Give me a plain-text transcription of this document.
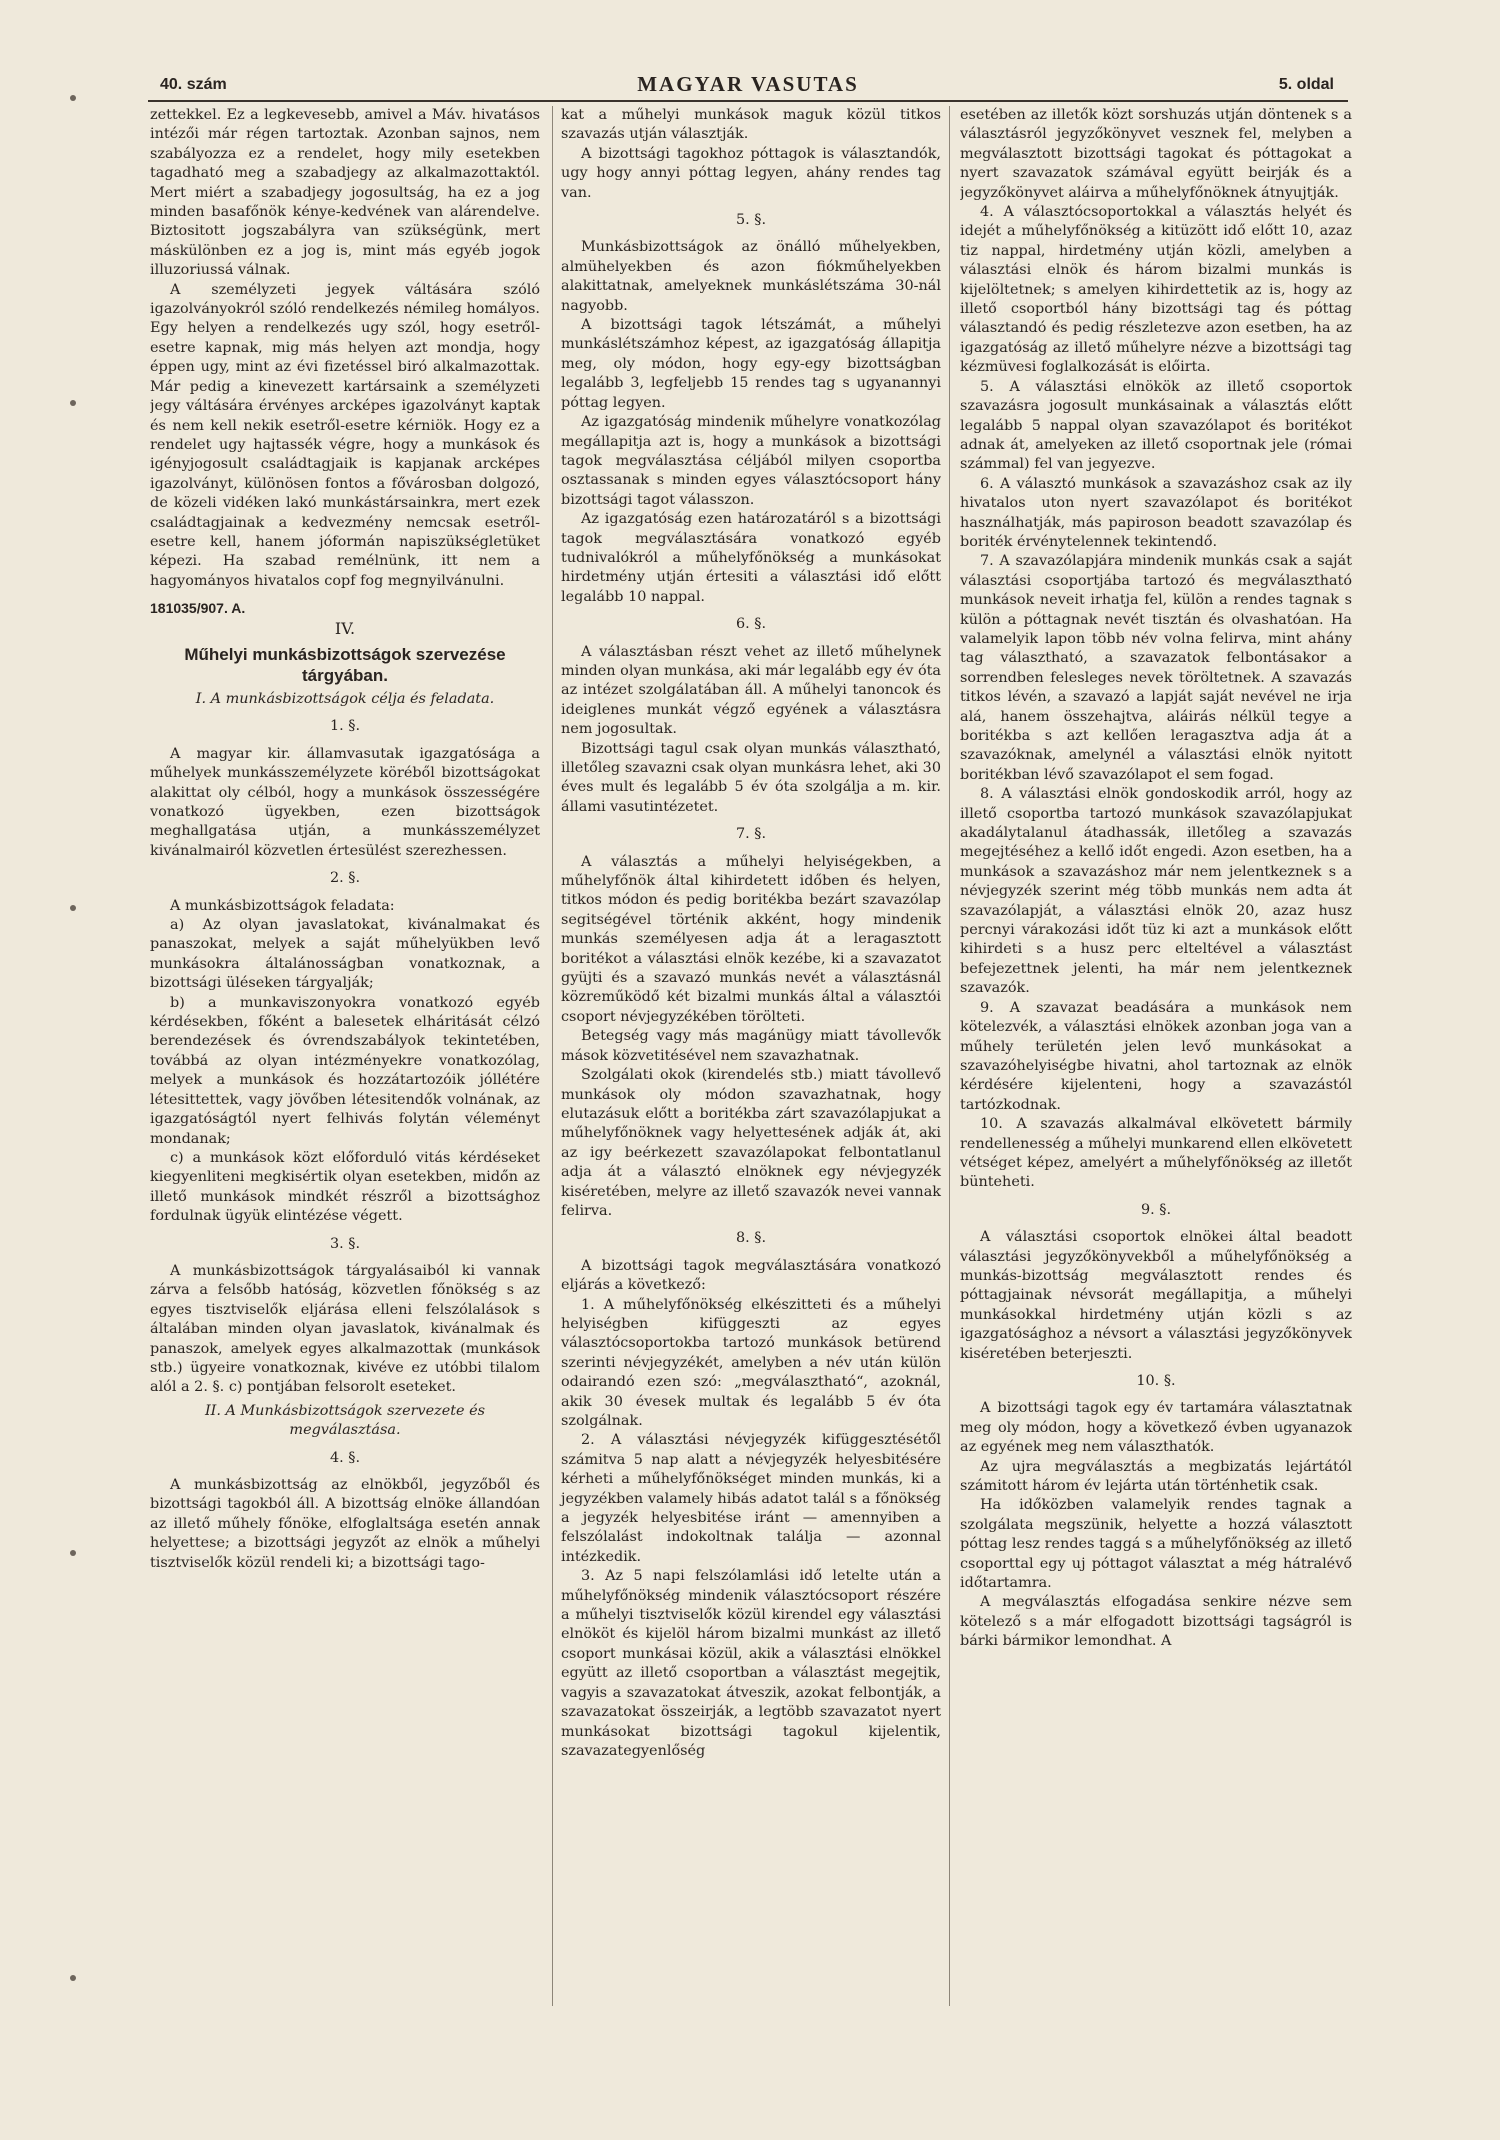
40. szám	MAGYAR VASUTAS	5. oldal

zettekkel. Ez a legkevesebb, amivel a Máv. hivatásos intézői már régen tartoztak. Azonban sajnos, nem szabályozza ez a rendelet, hogy mily esetekben tagadható meg a szabadjegy az alkalmazottaktól. Mert miért a szabadjegy jogosultság, ha ez a jog minden basafőnök kénye-kedvének van alárendelve. Biztositott jogszabályra van szükségünk, mert máskülönben ez a jog is, mint más egyéb jogok illuzoriussá válnak.

A személyzeti jegyek váltására szóló igazolványokról szóló rendelkezés némileg homályos. Egy helyen a rendelkezés ugy szól, hogy esetről-esetre kapnak, mig más helyen azt mondja, hogy éppen ugy, mint az évi fizetéssel biró alkalmazottak. Már pedig a kinevezett kartársaink a személyzeti jegy váltására érvényes arcképes igazolványt kaptak és nem kell nekik esetről-esetre kérniök. Hogy ez a rendelet ugy hajtassék végre, hogy a munkások és igényjogosult családtagjaik is kapjanak arcképes igazolványt, különösen fontos a fővárosban dolgozó, de közeli vidéken lakó munkástársainkra, mert ezek családtagjainak a kedvezmény nemcsak esetről-esetre kell, hanem jóformán napiszükségletüket képezi. Ha szabad remélnünk, itt nem a hagyományos hivatalos copf fog megnyilvánulni.

181035/907. A.

IV.

Műhelyi munkásbizottságok szervezése tárgyában.

I. A munkásbizottságok célja és feladata.

1. §.

A magyar kir. államvasutak igazgatósága a műhelyek munkásszemélyzete köréből bizottságokat alakittat oly célból, hogy a munkások összességére vonatkozó ügyekben, ezen bizottságok meghallgatása utján, a munkásszemélyzet kivánalmairól közvetlen értesülést szerezhessen.

2. §.

A munkásbizottságok feladata:

a) Az olyan javaslatokat, kivánalmakat és panaszokat, melyek a saját műhelyükben levő munkásokra általánosságban vonatkoznak, a bizottsági üléseken tárgyalják;

b) a munkaviszonyokra vonatkozó egyéb kérdésekben, főként a balesetek elháritását célzó berendezések és óvrendszabályok tekintetében, továbbá az olyan intézményekre vonatkozólag, melyek a munkások és hozzátartozóik jóllétére létesittettek, vagy jövőben létesitendők volnának, az igazgatóságtól nyert felhivás folytán véleményt mondanak;

c) a munkások közt előforduló vitás kérdéseket kiegyenliteni megkisértik olyan esetekben, midőn az illető munkások mindkét részről a bizottsághoz fordulnak ügyük elintézése végett.

3. §.

A munkásbizottságok tárgyalásaiból ki vannak zárva a felsőbb hatóság, közvetlen főnökség s az egyes tisztviselők eljárása elleni felszólalások s általában minden olyan javaslatok, kivánalmak és panaszok, amelyek egyes alkalmazottak (munkások stb.) ügyeire vonatkoznak, kivéve ez utóbbi tilalom alól a 2. §. c) pontjában felsorolt eseteket.

II. A Munkásbizottságok szervezete és megválasztása.

4. §.

A munkásbizottság az elnökből, jegyzőből és bizottsági tagokból áll. A bizottság elnöke állandóan az illető műhely főnöke, elfoglaltsága esetén annak helyettese; a bizottsági jegyzőt az elnök a műhelyi tisztviselők közül rendeli ki; a bizottsági tago-

kat a műhelyi munkások maguk közül titkos szavazás utján választják.

A bizottsági tagokhoz póttagok is választandók, ugy hogy annyi póttag legyen, ahány rendes tag van.

5. §.

Munkásbizottságok az önálló műhelyekben, almühelyekben és azon fiókműhelyekben alakittatnak, amelyeknek munkáslétszáma 30-nál nagyobb.

A bizottsági tagok létszámát, a műhelyi munkáslétszámhoz képest, az igazgatóság állapitja meg, oly módon, hogy egy-egy bizottságban legalább 3, legfeljebb 15 rendes tag s ugyanannyi póttag legyen.

Az igazgatóság mindenik műhelyre vonatkozólag megállapitja azt is, hogy a munkások a bizottsági tagok megválasztása céljából milyen csoportba osztassanak s minden egyes választócsoport hány bizottsági tagot válasszon.

Az igazgatóság ezen határozatáról s a bizottsági tagok megválasztására vonatkozó egyéb tudnivalókról a műhelyfőnökség a munkásokat hirdetmény utján értesiti a választási idő előtt legalább 10 nappal.

6. §.

A választásban részt vehet az illető műhelynek minden olyan munkása, aki már legalább egy év óta az intézet szolgálatában áll. A műhelyi tanoncok és ideiglenes munkát végző egyének a választásra nem jogosultak.

Bizottsági tagul csak olyan munkás választható, illetőleg szavazni csak olyan munkásra lehet, aki 30 éves mult és legalább 5 év óta szolgálja a m. kir. állami vasutintézetet.

7. §.

A választás a műhelyi helyiségekben, a műhelyfőnök által kihirdetett időben és helyen, titkos módon és pedig boritékba bezárt szavazólap segitségével történik akként, hogy mindenik munkás személyesen adja át a leragasztott boritékot a választási elnök kezébe, ki a szavazatot gyüjti és a szavazó munkás nevét a választásnál közreműködő két bizalmi munkás által a választói csoport névjegyzékében törölteti.

Betegség vagy más magánügy miatt távollevők mások közvetitésével nem szavazhatnak.

Szolgálati okok (kirendelés stb.) miatt távollevő munkások oly módon szavazhatnak, hogy elutazásuk előtt a boritékba zárt szavazólapjukat a műhelyfőnöknek vagy helyettesének adják át, aki az igy beérkezett szavazólapokat felbontatlanul adja át a választó elnöknek egy névjegyzék kiséretében, melyre az illető szavazók nevei vannak felirva.

8. §.

A bizottsági tagok megválasztására vonatkozó eljárás a következő:

1. A műhelyfőnökség elkészitteti és a műhelyi helyiségben kifüggeszti az egyes választócsoportokba tartozó munkások betürend szerinti névjegyzékét, amelyben a név után külön odairandó ezen szó: „megválasztható“, azoknál, akik 30 évesek multak és legalább 5 év óta szolgálnak.

2. A választási névjegyzék kifüggesztésétől számitva 5 nap alatt a névjegyzék helyesbitésére kérheti a műhelyfőnökséget minden munkás, ki a jegyzékben valamely hibás adatot talál s a főnökség a jegyzék helyesbitése iránt — amennyiben a felszólalást indokoltnak találja — azonnal intézkedik.

3. Az 5 napi felszólamlási idő letelte után a műhelyfőnökség mindenik választócsoport részére a műhelyi tisztviselők közül kirendel egy választási elnököt és kijelöl három bizalmi munkást az illető csoport munkásai közül, akik a választási elnökkel együtt az illető csoportban a választást megejtik, vagyis a szavazatokat átveszik, azokat felbontják, a szavazatokat összeirják, a legtöbb szavazatot nyert munkásokat bizottsági tagokul kijelentik, szavazategyenlőség

esetében az illetők közt sorshuzás utján döntenek s a választásról jegyzőkönyvet vesznek fel, melyben a megválasztott bizottsági tagokat és póttagokat a nyert szavazatok számával együtt beirják és a jegyzőkönyvet aláirva a műhelyfőnöknek átnyujtják.

4. A választócsoportokkal a választás helyét és idejét a műhelyfőnökség a kitüzött idő előtt 10, azaz tiz nappal, hirdetmény utján közli, amelyben a választási elnök és három bizalmi munkás is kijelöltetnek; s amelyen kihirdettetik az is, hogy az illető csoportból hány bizottsági tag és póttag választandó és pedig részletezve azon esetben, ha az igazgatóság az illető műhelyre nézve a bizottsági tag kézmüvesi foglalkozását is előirta.

5. A választási elnökök az illető csoportok szavazásra jogosult munkásainak a választás előtt legalább 5 nappal olyan szavazólapot és boritékot adnak át, amelyeken az illető csoportnak jele (római számmal) fel van jegyezve.

6. A választó munkások a szavazáshoz csak az ily hivatalos uton nyert szavazólapot és boritékot használhatják, más papiroson beadott szavazólap és boriték érvénytelennek tekintendő.

7. A szavazólapjára mindenik munkás csak a saját választási csoportjába tartozó és megválasztható munkások neveit irhatja fel, külön a rendes tagnak s külön a póttagnak nevét tisztán és olvashatóan. Ha valamelyik lapon több név volna felirva, mint ahány tag választható, a szavazatok felbontásakor a sorrendben felesleges nevek töröltetnek. A szavazás titkos lévén, a szavazó a lapját saját nevével ne irja alá, hanem összehajtva, aláirás nélkül tegye a boritékba s azt kellően leragasztva adja át a szavazóknak, amelynél a választási elnök nyitott boritékban lévő szavazólapot el sem fogad.

8. A választási elnök gondoskodik arról, hogy az illető csoportba tartozó munkások szavazólapjukat akadálytalanul átadhassák, illetőleg a szavazás megejtéséhez a kellő időt engedi. Azon esetben, ha a munkások a szavazáshoz már nem jelentkeznek s a névjegyzék szerint még több munkás nem adta át szavazólapját, a választási elnök 20, azaz husz percnyi várakozási időt tüz ki azt a munkások előtt kihirdeti s a husz perc elteltével a választást befejezettnek jelenti, ha már nem jelentkeznek szavazók.

9. A szavazat beadására a munkások nem kötelezvék, a választási elnökek azonban joga van a műhely területén jelen levő munkásokat a szavazóhelyiségbe hivatni, ahol tartoznak az elnök kérdésére kijelenteni, hogy a szavazástól tartózkodnak.

10. A szavazás alkalmával elkövetett bármily rendellenesség a műhelyi munkarend ellen elkövetett vétséget képez, amelyért a műhelyfőnökség az illetőt bünteheti.

9. §.

A választási csoportok elnökei által beadott választási jegyzőkönyvekből a műhelyfőnökség a munkás-bizottság megválasztott rendes és póttagjainak névsorát megállapitja, a műhelyi munkásokkal hirdetmény utján közli s az igazgatósághoz a névsort a választási jegyzőkönyvek kiséretében beterjeszti.

10. §.

A bizottsági tagok egy év tartamára választatnak meg oly módon, hogy a következő évben ugyanazok az egyének meg nem választhatók.

Az ujra megválasztás a megbizatás lejártától számitott három év lejárta után történhetik csak.

Ha időközben valamelyik rendes tagnak a szolgálata megszünik, helyette a hozzá választott póttag lesz rendes taggá s a műhelyfőnökség az illető csoporttal egy uj póttagot választat a még hátralévő időtartamra.

A megválasztás elfogadása senkire nézve sem kötelező s a már elfogadott bizottsági tagságról is bárki bármikor lemondhat. A
